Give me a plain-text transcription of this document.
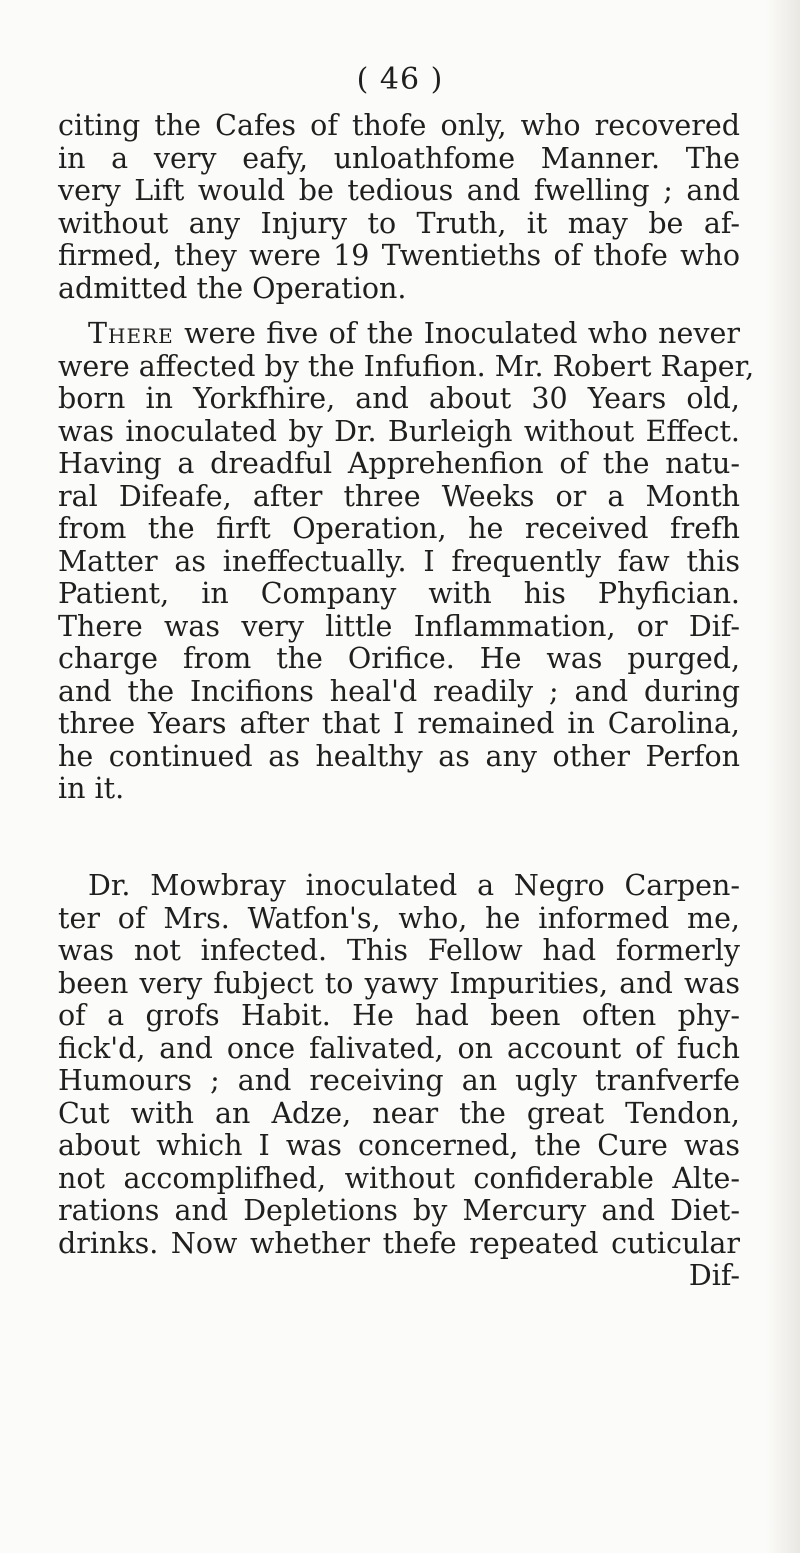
( 46 )
citing the Cafes of thofe only, who recovered
in a very eafy, unloathfome Manner. The
very Lift would be tedious and fwelling ; and
without any Injury to Truth, it may be af-
firmed, they were 19 Twentieths of thofe who
admitted the Operation.
There were five of the Inoculated who never
were affected by the Infufion. Mr. Robert Raper,
born in Yorkfhire, and about 30 Years old,
was inoculated by Dr. Burleigh without Effect.
Having a dreadful Apprehenfion of the natu-
ral Difeafe, after three Weeks or a Month
from the firft Operation, he received frefh
Matter as ineffectually. I frequently faw this
Patient, in Company with his Phyfician.
There was very little Inflammation, or Dif-
charge from the Orifice. He was purged,
and the Incifions heal'd readily ; and during
three Years after that I remained in Carolina,
he continued as healthy as any other Perfon
in it.
Dr. Mowbray inoculated a Negro Carpen-
ter of Mrs. Watfon's, who, he informed me,
was not infected. This Fellow had formerly
been very fubject to yawy Impurities, and was
of a grofs Habit. He had been often phy-
fick'd, and once falivated, on account of fuch
Humours ; and receiving an ugly tranfverfe
Cut with an Adze, near the great Tendon,
about which I was concerned, the Cure was
not accomplifhed, without confiderable Alte-
rations and Depletions by Mercury and Diet-
drinks. Now whether thefe repeated cuticular
Dif-
